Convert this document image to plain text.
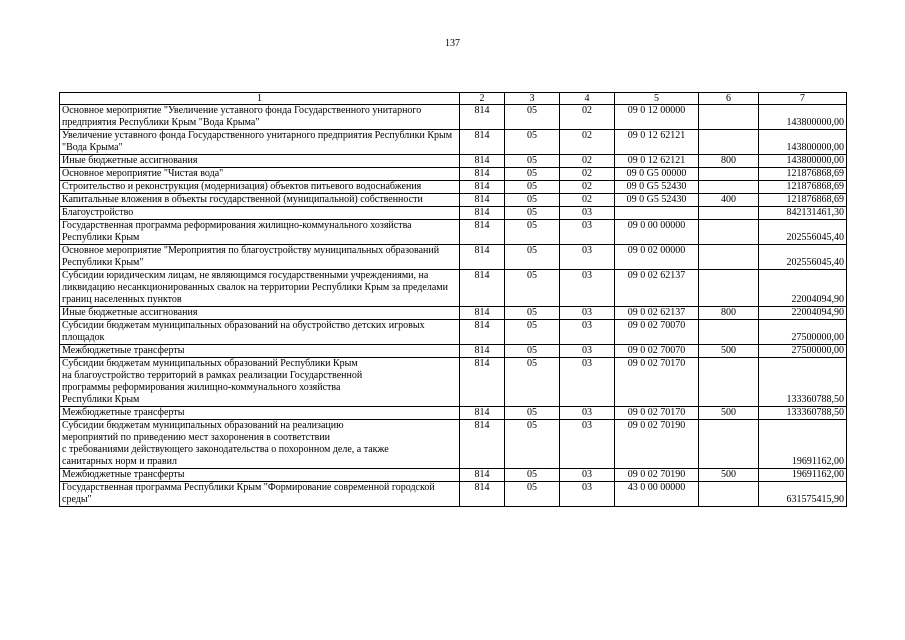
137
1	2	3	4	5	6	7
Основное мероприятие "Увеличение уставного фонда Государственного унитарного предприятия Республики Крым "Вода Крыма"	814	05	02	09 0 12 00000		143800000,00
Увеличение уставного фонда Государственного унитарного предприятия Республики Крым "Вода Крыма"	814	05	02	09 0 12 62121		143800000,00
Иные бюджетные ассигнования	814	05	02	09 0 12 62121	800	143800000,00
Основное мероприятие "Чистая вода"	814	05	02	09 0 G5 00000		121876868,69
Строительство и реконструкция (модернизация) объектов питьевого водоснабжения	814	05	02	09 0 G5 52430		121876868,69
Капитальные вложения в объекты государственной (муниципальной) собственности	814	05	02	09 0 G5 52430	400	121876868,69
Благоустройство	814	05	03			842131461,30
Государственная программа реформирования жилищно-коммунального хозяйства Республики Крым	814	05	03	09 0 00 00000		202556045,40
Основное мероприятие "Мероприятия по благоустройству муниципальных образований Республики Крым"	814	05	03	09 0 02 00000		202556045,40
Субсидии юридическим лицам, не являющимся государственными учреждениями, на ликвидацию несанкционированных свалок на территории Республики Крым за пределами границ населенных пунктов	814	05	03	09 0 02 62137		22004094,90
Иные бюджетные ассигнования	814	05	03	09 0 02 62137	800	22004094,90
Субсидии бюджетам муниципальных образований на обустройство детских игровых площадок	814	05	03	09 0 02 70070		27500000,00
Межбюджетные трансферты	814	05	03	09 0 02 70070	500	27500000,00

Субсидии бюджетам муниципальных образований Республики Крым
на благоустройство территорий в рамках реализации Государственной
программы реформирования жилищно-коммунального хозяйства
Республики Крым	814	05	03	09 0 02 70170		133360788,50
Межбюджетные трансферты	814	05	03	09 0 02 70170	500	133360788,50

Субсидии бюджетам муниципальных образований на реализацию
мероприятий по приведению мест захоронения в соответствии
с требованиями действующего законодательства о похоронном деле, а также
санитарных норм и правил	814	05	03	09 0 02 70190		19691162,00
Межбюджетные трансферты	814	05	03	09 0 02 70190	500	19691162,00
Государственная программа Республики Крым "Формирование современной городской среды"	814	05	03	43 0 00 00000		631575415,90
